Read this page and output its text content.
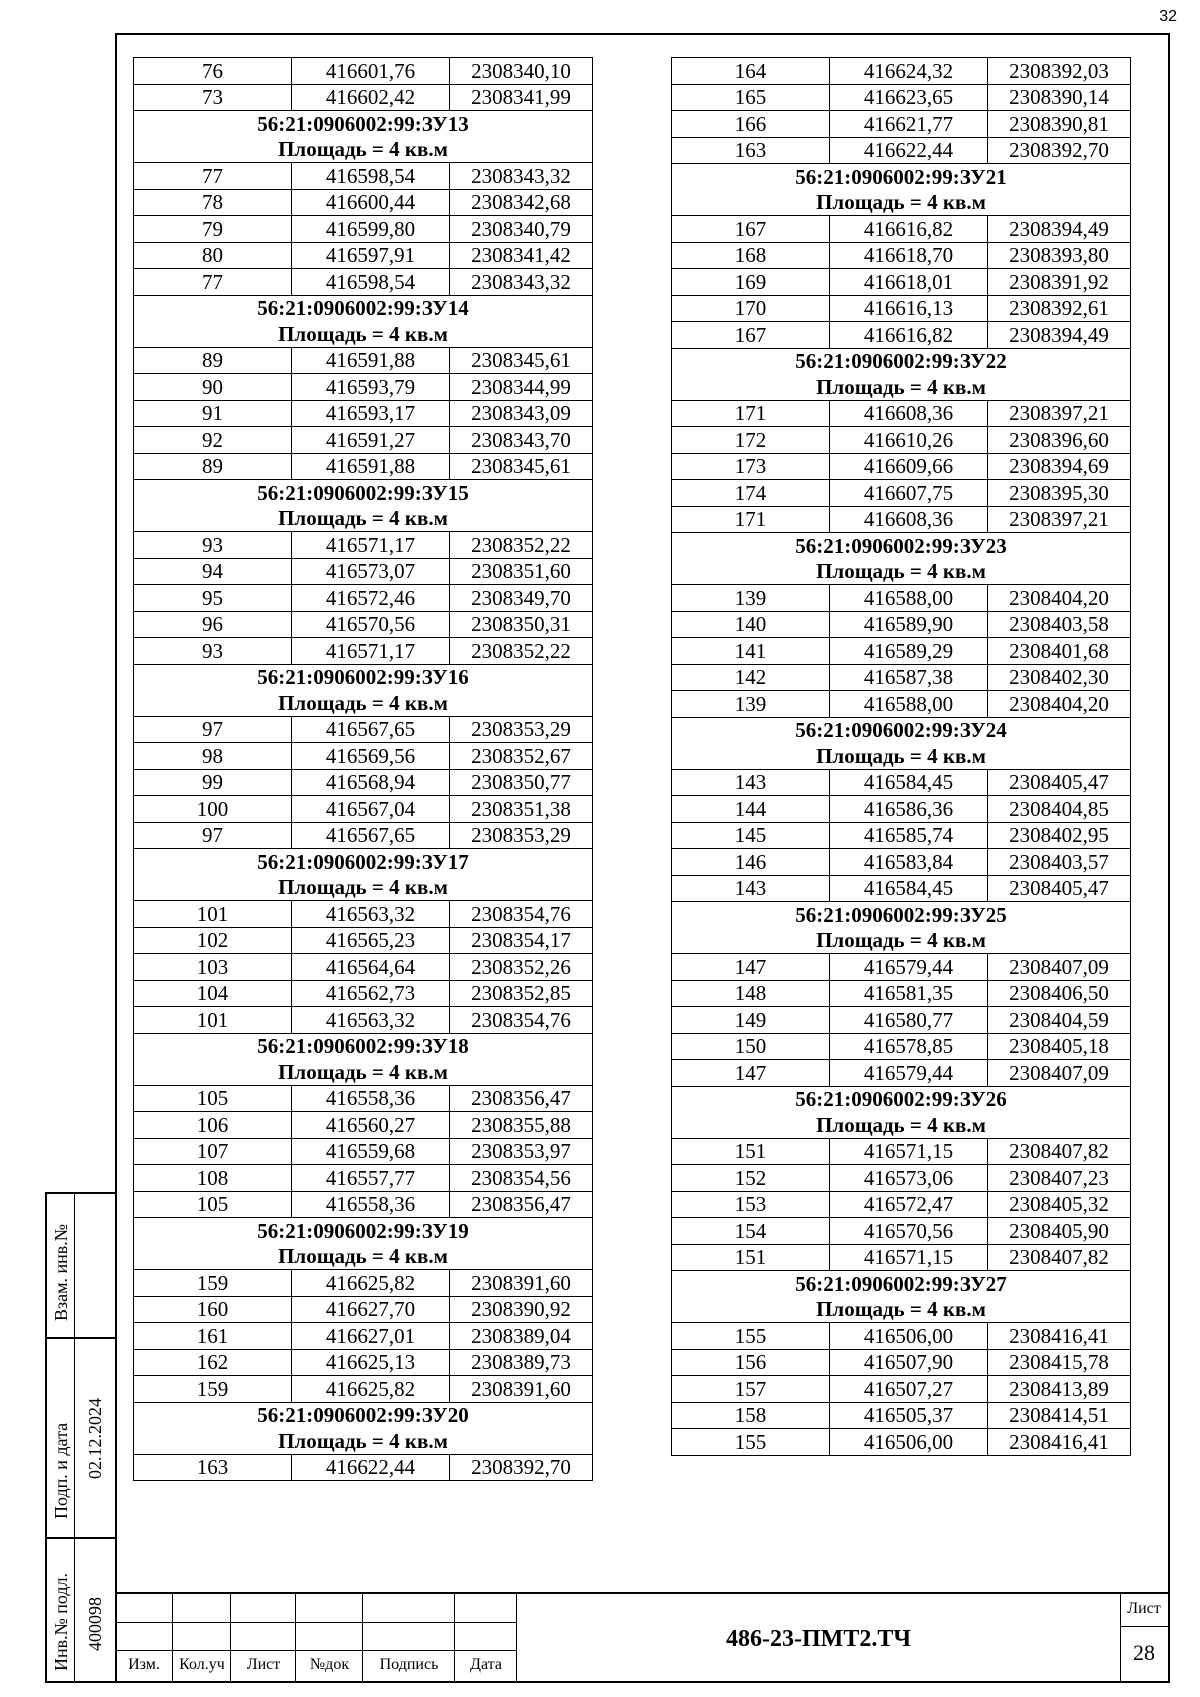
32
76	416601,76	2308340,10
73	416602,42	2308341,99
56:21:0906002:99:ЗУ13		
Площадь = 4 кв.м		
77	416598,54	2308343,32
78	416600,44	2308342,68
79	416599,80	2308340,79
80	416597,91	2308341,42
77	416598,54	2308343,32
56:21:0906002:99:ЗУ14		
Площадь = 4 кв.м		
89	416591,88	2308345,61
90	416593,79	2308344,99
91	416593,17	2308343,09
92	416591,27	2308343,70
89	416591,88	2308345,61
56:21:0906002:99:ЗУ15		
Площадь = 4 кв.м		
93	416571,17	2308352,22
94	416573,07	2308351,60
95	416572,46	2308349,70
96	416570,56	2308350,31
93	416571,17	2308352,22
56:21:0906002:99:ЗУ16		
Площадь = 4 кв.м		
97	416567,65	2308353,29
98	416569,56	2308352,67
99	416568,94	2308350,77
100	416567,04	2308351,38
97	416567,65	2308353,29
56:21:0906002:99:ЗУ17		
Площадь = 4 кв.м		
101	416563,32	2308354,76
102	416565,23	2308354,17
103	416564,64	2308352,26
104	416562,73	2308352,85
101	416563,32	2308354,76
56:21:0906002:99:ЗУ18		
Площадь = 4 кв.м		
105	416558,36	2308356,47
106	416560,27	2308355,88
107	416559,68	2308353,97
108	416557,77	2308354,56
105	416558,36	2308356,47
56:21:0906002:99:ЗУ19		
Площадь = 4 кв.м		
159	416625,82	2308391,60
160	416627,70	2308390,92
161	416627,01	2308389,04
162	416625,13	2308389,73
159	416625,82	2308391,60
56:21:0906002:99:ЗУ20		
Площадь = 4 кв.м		
163	416622,44	2308392,70
164	416624,32	2308392,03
165	416623,65	2308390,14
166	416621,77	2308390,81
163	416622,44	2308392,70
56:21:0906002:99:ЗУ21		
Площадь = 4 кв.м		
167	416616,82	2308394,49
168	416618,70	2308393,80
169	416618,01	2308391,92
170	416616,13	2308392,61
167	416616,82	2308394,49
56:21:0906002:99:ЗУ22		
Площадь = 4 кв.м		
171	416608,36	2308397,21
172	416610,26	2308396,60
173	416609,66	2308394,69
174	416607,75	2308395,30
171	416608,36	2308397,21
56:21:0906002:99:ЗУ23		
Площадь = 4 кв.м		
139	416588,00	2308404,20
140	416589,90	2308403,58
141	416589,29	2308401,68
142	416587,38	2308402,30
139	416588,00	2308404,20
56:21:0906002:99:ЗУ24		
Площадь = 4 кв.м		
143	416584,45	2308405,47
144	416586,36	2308404,85
145	416585,74	2308402,95
146	416583,84	2308403,57
143	416584,45	2308405,47
56:21:0906002:99:ЗУ25		
Площадь = 4 кв.м		
147	416579,44	2308407,09
148	416581,35	2308406,50
149	416580,77	2308404,59
150	416578,85	2308405,18
147	416579,44	2308407,09
56:21:0906002:99:ЗУ26		
Площадь = 4 кв.м		
151	416571,15	2308407,82
152	416573,06	2308407,23
153	416572,47	2308405,32
154	416570,56	2308405,90
151	416571,15	2308407,82
56:21:0906002:99:ЗУ27		
Площадь = 4 кв.м		
155	416506,00	2308416,41
156	416507,90	2308415,78
157	416507,27	2308413,89
158	416505,37	2308414,51
155	416506,00	2308416,41
Взам. инв.№
Подп. и дата 02.12.2024
Инв.№ подл. 400098
Изм.	Кол.уч	Лист	№док	Подпись	Дата
486-23-ПМТ2.ТЧ
Лист
28
